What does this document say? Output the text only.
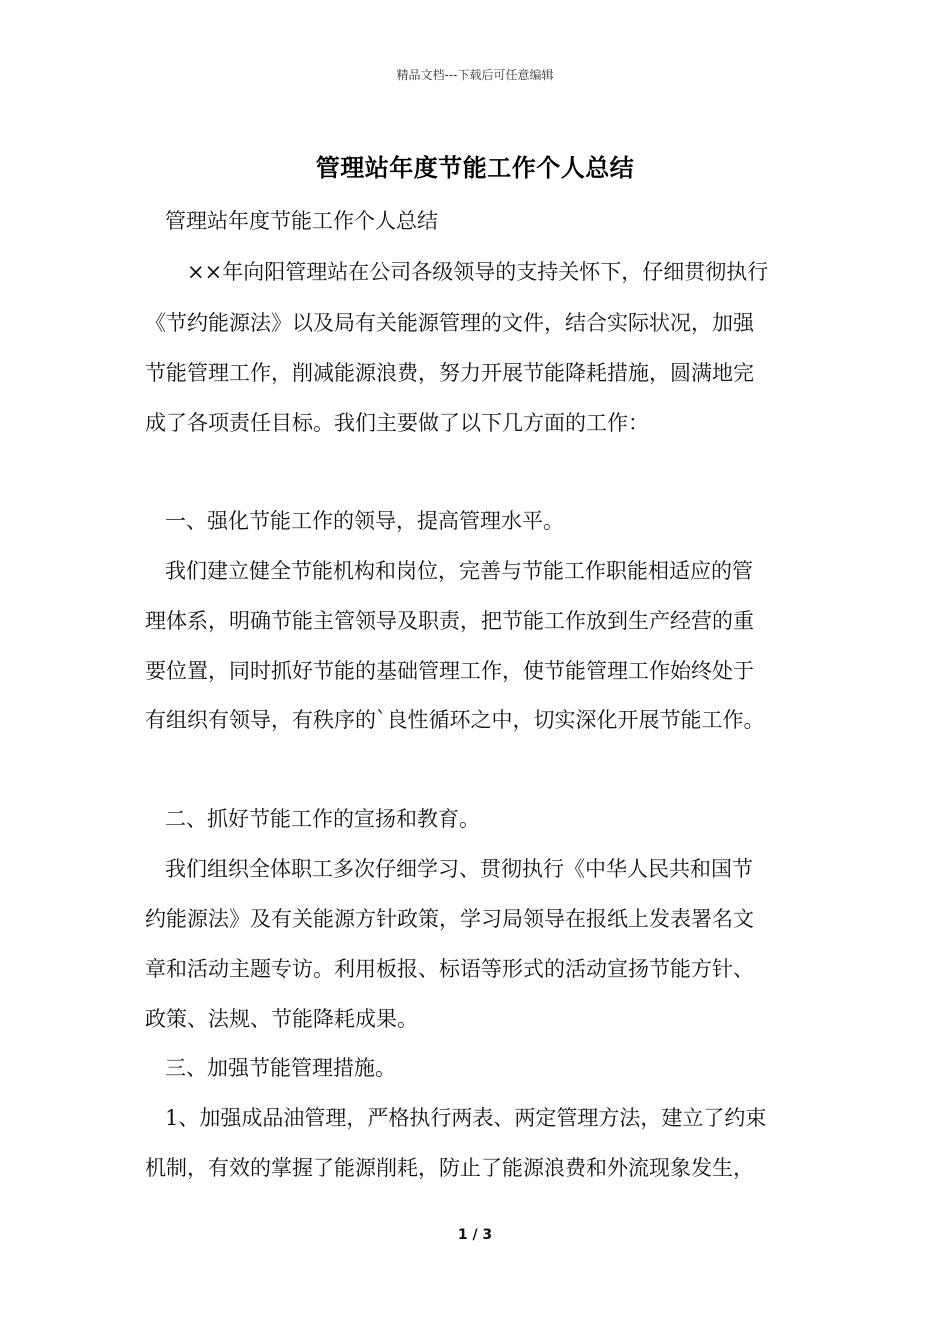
精品文档---下载后可任意编辑
管理站年度节能工作个人总结
管理站年度节能工作个人总结
××年向阳管理站在公司各级领导的支持关怀下，仔细贯彻执行
《节约能源法》以及局有关能源管理的文件，结合实际状况，加强
节能管理工作，削减能源浪费，努力开展节能降耗措施，圆满地完
成了各项责任目标。我们主要做了以下几方面的工作：
一、强化节能工作的领导，提高管理水平。
我们建立健全节能机构和岗位，完善与节能工作职能相适应的管
理体系，明确节能主管领导及职责，把节能工作放到生产经营的重
要位置，同时抓好节能的基础管理工作，使节能管理工作始终处于
有组织有领导，有秩序的`良性循环之中，切实深化开展节能工作。
二、抓好节能工作的宣扬和教育。
我们组织全体职工多次仔细学习、贯彻执行《中华人民共和国节
约能源法》及有关能源方针政策，学习局领导在报纸上发表署名文
章和活动主题专访。利用板报、标语等形式的活动宣扬节能方针、
政策、法规、节能降耗成果。
三、加强节能管理措施。
1、加强成品油管理，严格执行两表、两定管理方法，建立了约束
机制，有效的掌握了能源削耗，防止了能源浪费和外流现象发生，
1 / 3
